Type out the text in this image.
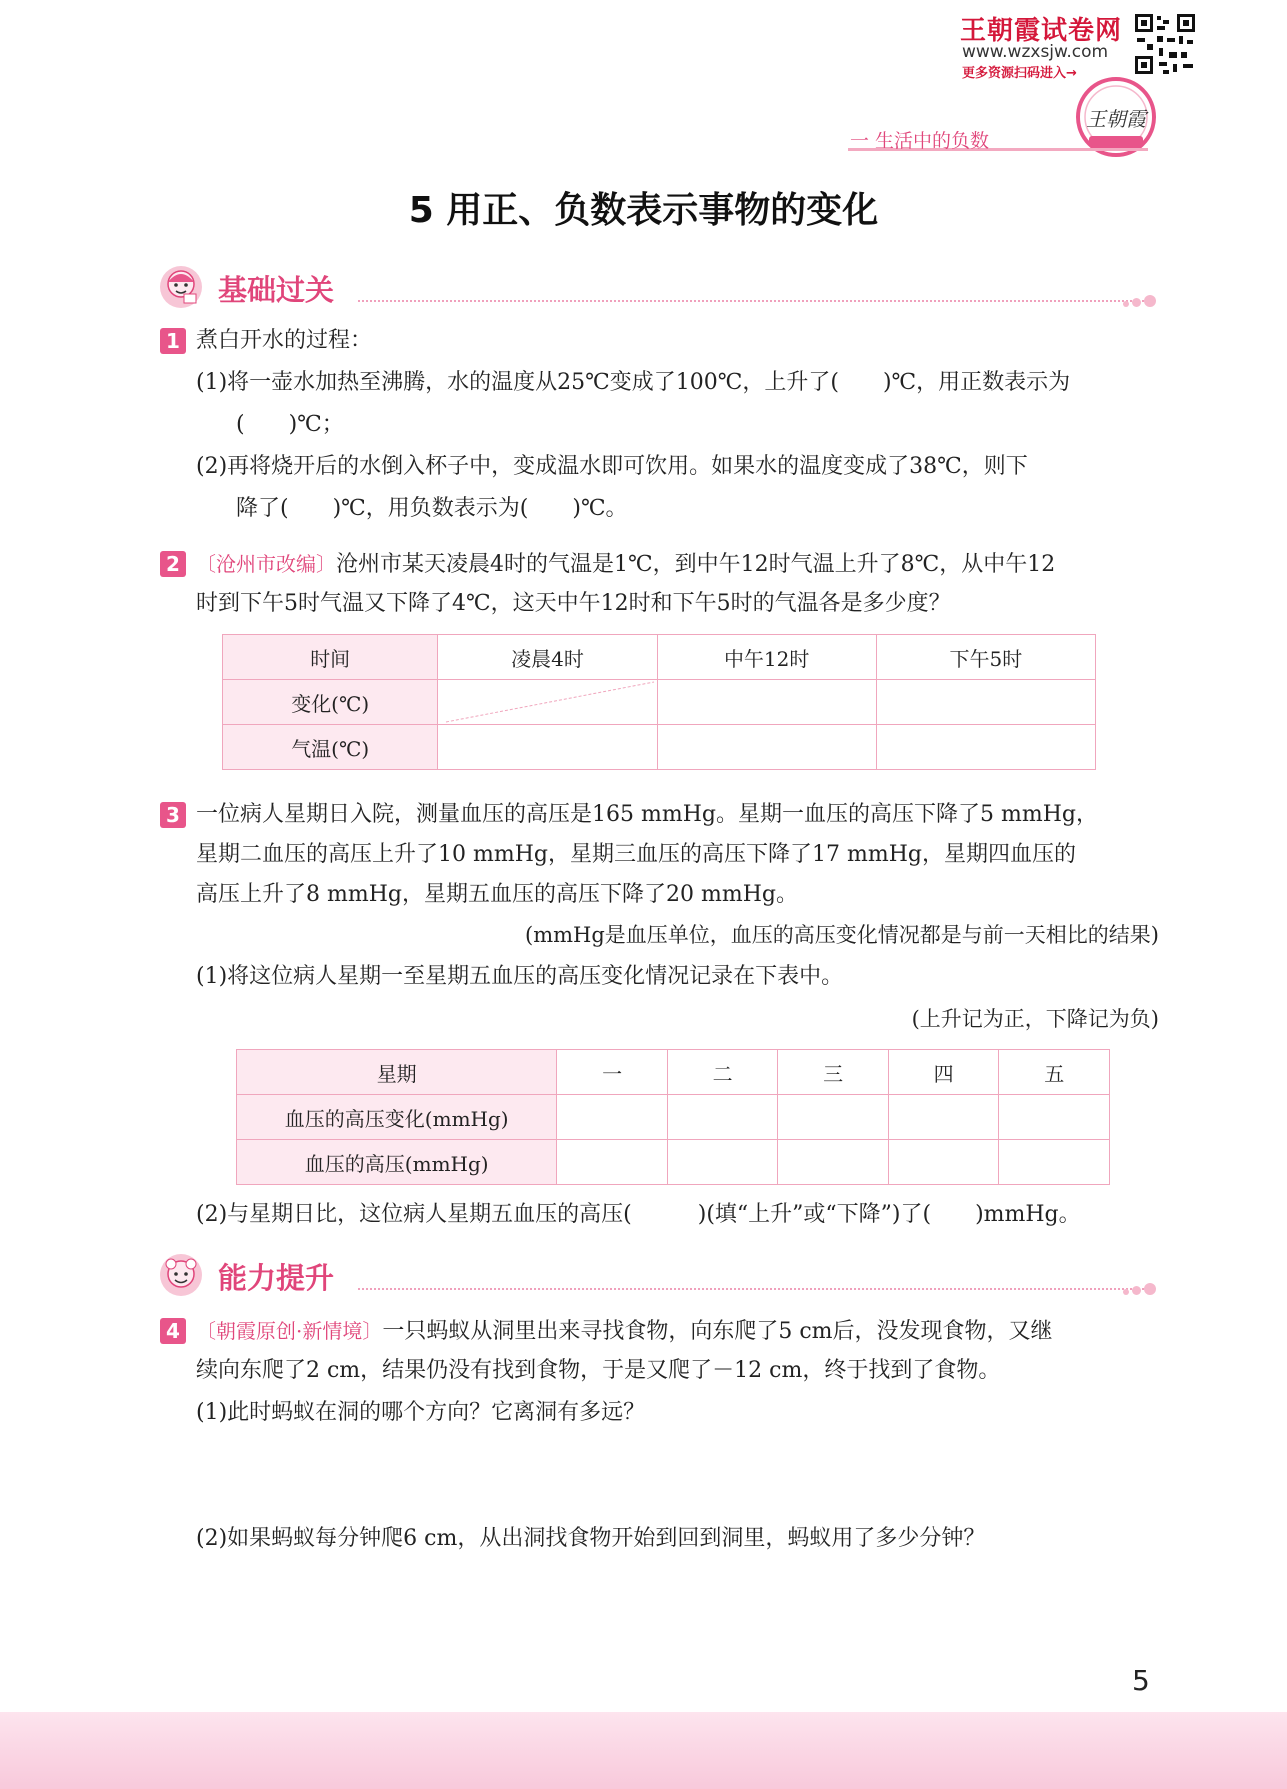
王朝霞试卷网
www.wzxsjw.com
更多资源扫码进入→
王朝霞
一 生活中的负数
5 用正、负数表示事物的变化
基础过关
1 煮白开水的过程：
(1)将一壶水加热至沸腾，水的温度从25℃变成了100℃，上升了(　　)℃，用正数表示为
(　　)℃；
(2)再将烧开后的水倒入杯子中，变成温水即可饮用。如果水的温度变成了38℃，则下
降了(　　)℃，用负数表示为(　　)℃。
2 〔沧州市改编〕沧州市某天凌晨4时的气温是1℃，到中午12时气温上升了8℃，从中午12
时到下午5时气温又下降了4℃，这天中午12时和下午5时的气温各是多少度？
时间	凌晨4时	中午12时	下午5时
变化(℃)	

气温(℃)			
3 一位病人星期日入院，测量血压的高压是165 mmHg。星期一血压的高压下降了5 mmHg，
星期二血压的高压上升了10 mmHg，星期三血压的高压下降了17 mmHg，星期四血压的
高压上升了8 mmHg，星期五血压的高压下降了20 mmHg。
(mmHg是血压单位，血压的高压变化情况都是与前一天相比的结果)
(1)将这位病人星期一至星期五血压的高压变化情况记录在下表中。
(上升记为正，下降记为负)
星期	一	二	三	四	五
血压的高压变化(mmHg)					
血压的高压(mmHg)					
(2)与星期日比，这位病人星期五血压的高压(　　　)(填“上升”或“下降”)了(　　)mmHg。
能力提升
4 〔朝霞原创·新情境〕一只蚂蚁从洞里出来寻找食物，向东爬了5 cm后，没发现食物，又继
续向东爬了2 cm，结果仍没有找到食物，于是又爬了－12 cm，终于找到了食物。
(1)此时蚂蚁在洞的哪个方向？它离洞有多远？
(2)如果蚂蚁每分钟爬6 cm，从出洞找食物开始到回到洞里，蚂蚁用了多少分钟？
5
